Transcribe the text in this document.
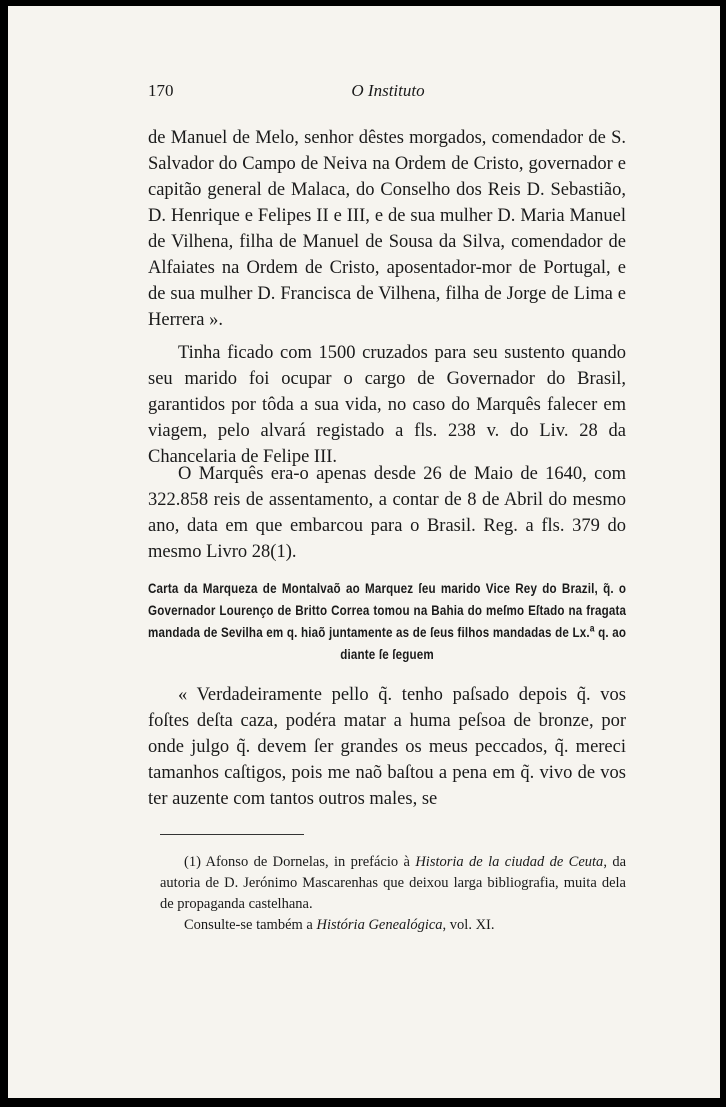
170	O Instituto

de Manuel de Melo, senhor dêstes morgados, comendador de S. Salvador do Campo de Neiva na Ordem de Cristo, governador e capitão general de Malaca, do Conselho dos Reis D. Sebastião, D. Henrique e Felipes II e III, e de sua mulher D. Maria Manuel de Vilhena, filha de Manuel de Sousa da Silva, comendador de Alfaiates na Ordem de Cristo, aposentador-mor de Portugal, e de sua mulher D. Francisca de Vilhena, filha de Jorge de Lima e Herrera ».

Tinha ficado com 1500 cruzados para seu sustento quando seu marido foi ocupar o cargo de Governador do Brasil, garantidos por tôda a sua vida, no caso do Marquês falecer em viagem, pelo alvará registado a fls. 238 v. do Liv. 28 da Chancelaria de Felipe III.

O Marquês era-o apenas desde 26 de Maio de 1640, com 322.858 reis de assentamento, a contar de 8 de Abril do mesmo ano, data em que embarcou para o Brasil. Reg. a fls. 379 do mesmo Livro 28(1).

Carta da Marqueza de Montalvaõ ao Marquez ſeu marido Vice Rey do Brazil, q̃. o Governador Lourenço de Britto Correa tomou na Bahia do meſmo Eſtado na fragata mandada de Sevilha em q. hiaõ juntamente as de ſeus filhos mandadas de Lx.$^a$ q. ao diante ſe ſeguem

« Verdadeiramente pello q̃. tenho paſsado depois q̃. vos foſtes deſta caza, podéra matar a huma peſsoa de bronze, por onde julgo q̃. devem ſer grandes os meus peccados, q̃. mereci tamanhos caſtigos, pois me naõ baſtou a pena em q̃. vivo de vos ter auzente com tantos outros males, se

(1) Afonso de Dornelas, in prefácio à Historia de la ciudad de Ceuta, da autoria de D. Jerónimo Mascarenhas que deixou larga bibliografia, muita dela de propaganda castelhana.

Consulte-se também a História Genealógica, vol. XI.
